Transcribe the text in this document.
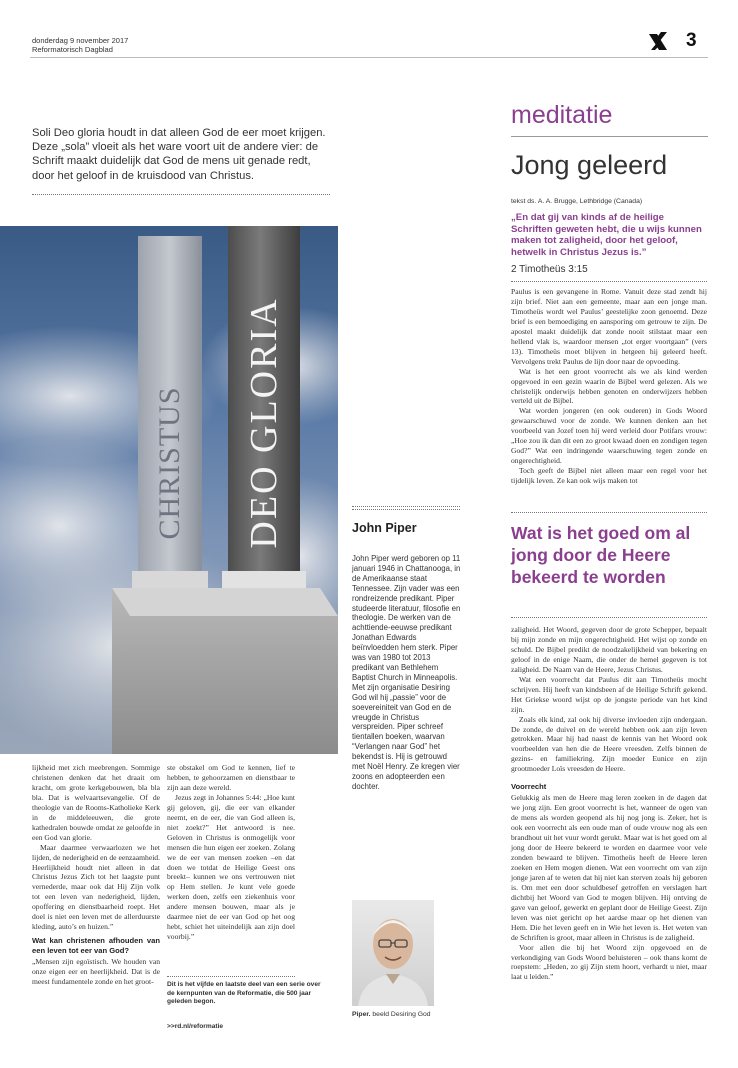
donderdag 9 november 2017
Reformatorisch Dagblad	3
Soli Deo gloria houdt in dat alleen God de eer moet krijgen. Deze „sola” vloeit als het ware voort uit de andere vier: de Schrift maakt duidelijk dat God de mens uit genade redt, door het geloof in de kruisdood van Christus.
CHRISTUS DEO GLORIA

lijkheid met zich meebrengen. Sommige christenen denken dat het draait om kracht, om grote kerkgebouwen, bla bla bla. Dat is welvaartsevangelie. Of de theologie van de Rooms-Katholieke Kerk in de middeleeuwen, die grote kathedralen bouwde omdat ze geloofde in een God van glorie.

Maar daarmee verwaarlozen we het lijden, de nederigheid en de eenzaamheid. Heerlijkheid houdt niet alleen in dat Christus Jezus Zich tot het laagste punt vernederde, maar ook dat Hij Zijn volk tot een leven van nederigheid, lijden, opoffering en dienstbaarheid roept. Het doel is niet een leven met de allerduurste kleding, auto’s en huizen.”

Wat kan christenen afhouden van een leven tot eer van God?

„Mensen zijn egoïstisch. We houden van onze eigen eer en heerlijkheid. Dat is de meest fundamentele zonde en het groot-

ste obstakel om God te kennen, lief te hebben, te gehoorzamen en dienstbaar te zijn aan deze wereld.

Jezus zegt in Johannes 5:44: „Hoe kunt gij geloven, gij, die eer van elkander neemt, en de eer, die van God alleen is, niet zoekt?” Het antwoord is nee. Geloven in Christus is onmogelijk voor mensen die hun eigen eer zoeken. Zolang we de eer van mensen zoeken –en dat doen we totdat de Heilige Geest ons breekt– kunnen we ons vertrouwen niet op Hem stellen. Je kunt vele goede werken doen, zelfs een ziekenhuis voor andere mensen bouwen, maar als je daarmee niet de eer van God op het oog hebt, schiet het uiteindelijk aan zijn doel voorbij.”

Dit is het vijfde en laatste deel van een serie over de kernpunten van de Reformatie, die 500 jaar geleden begon.
>>rd.nl/reformatie
John Piper
John Piper werd geboren op 11 januari 1946 in Chattanooga, in de Amerikaanse staat Tennessee. Zijn vader was een rondreizende predikant. Piper studeerde literatuur, filosofie en theologie. De werken van de achttiende-eeuwse predikant Jonathan Edwards beïnvloedden hem sterk. Piper was van 1980 tot 2013 predikant van Bethlehem Baptist Church in Minneapolis. Met zijn organisatie Desiring God wil hij „passie” voor de soevereiniteit van God en de vreugde in Christus verspreiden. Piper schreef tientallen boeken, waarvan “Verlangen naar God” het bekendst is. Hij is getrouwd met Noël Henry. Ze kregen vier zoons en adopteerden een dochter.
Piper. beeld Desiring God
meditatie
Jong geleerd
tekst ds. A. A. Brugge, Lethbridge (Canada)
„En dat gij van kinds af de heilige Schriften geweten hebt, die u wijs kunnen maken tot zaligheid, door het geloof, hetwelk in Christus Jezus is.”
2 Timotheüs 3:15

Paulus is een gevangene in Rome. Vanuit deze stad zendt hij zijn brief. Niet aan een gemeente, maar aan een jonge man. Timotheüs wordt wel Paulus’ geestelijke zoon genoemd. Deze brief is een bemoediging en aansporing om getrouw te zijn. De apostel maakt duidelijk dat zonde nooit stilstaat maar een hellend vlak is, waardoor mensen „tot erger voortgaan” (vers 13). Timotheüs moet blijven in hetgeen hij geleerd heeft. Vervolgens trekt Paulus de lijn door naar de opvoeding.

Wat is het een groot voorrecht als we als kind werden opgevoed in een gezin waarin de Bijbel werd gelezen. Als we christelijk onderwijs hebben genoten en onderwijzers hebben verteld uit de Bijbel.

Wat worden jongeren (en ook ouderen) in Gods Woord gewaarschuwd voor de zonde. We kunnen denken aan het voorbeeld van Jozef toen hij werd verleid door Potifars vrouw: „Hoe zou ik dan dit een zo groot kwaad doen en zondigen tegen God?” Wat een indringende waarschuwing tegen zonde en ongerechtigheid.

Toch geeft de Bijbel niet alleen maar een regel voor het tijdelijk leven. Ze kan ook wijs maken tot

Wat is het goed om al jong door de Heere bekeerd te worden

zaligheid. Het Woord, gegeven door de grote Schepper, bepaalt bij mijn zonde en mijn ongerechtigheid. Het wijst op zonde en schuld. De Bijbel predikt de noodzakelijkheid van bekering en geloof in de enige Naam, die onder de hemel gegeven is tot zaligheid. De Naam van de Heere, Jezus Christus.

Wat een voorrecht dat Paulus dit aan Timotheüs mocht schrijven. Hij heeft van kindsbeen af de Heilige Schrift gekend. Het Griekse woord wijst op de jongste periode van het kind zijn.

Zoals elk kind, zal ook hij diverse invloeden zijn ondergaan. De zonde, de duivel en de wereld hebben ook aan zijn leven getrokken. Maar hij had naast de kennis van het Woord ook voorbeelden van hen die de Heere vreesden. Zelfs binnen de gezins- en familiekring. Zijn moeder Eunice en zijn grootmoeder Loïs vreesden de Heere.

Voorrecht

Gelukkig als men de Heere mag leren zoeken in de dagen dat we jong zijn. Een groot voorrecht is het, wanneer de ogen van de mens als worden geopend als hij nog jong is. Zeker, het is ook een voorrecht als een oude man of oude vrouw nog als een brandhout uit het vuur wordt gerukt. Maar wat is het goed om al jong door de Heere bekeerd te worden en daarmee voor vele zonden bewaard te blijven. Timotheüs heeft de Heere leren zoeken en Hem mogen dienen. Wat een voorrecht om van zijn jonge jaren af te weten dat hij niet kan sterven zoals hij geboren is. Om met een door schuldbesef getroffen en verslagen hart dichtbij het Woord van God te mogen blijven. Hij ontving de gave van geloof, gewerkt en geplant door de Heilige Geest. Zijn leven was niet gericht op het aardse maar op het dienen van Hem. Die het leven geeft en in Wie het leven is. Het weten van de Schriften is groot, maar alleen in Christus is de zaligheid.

Voor allen die bij het Woord zijn opgevoed en de verkondiging van Gods Woord beluisteren – ook thans komt de roepstem: „Heden, zo gij Zijn stem hoort, verhardt u niet, maar laat u leiden.”
